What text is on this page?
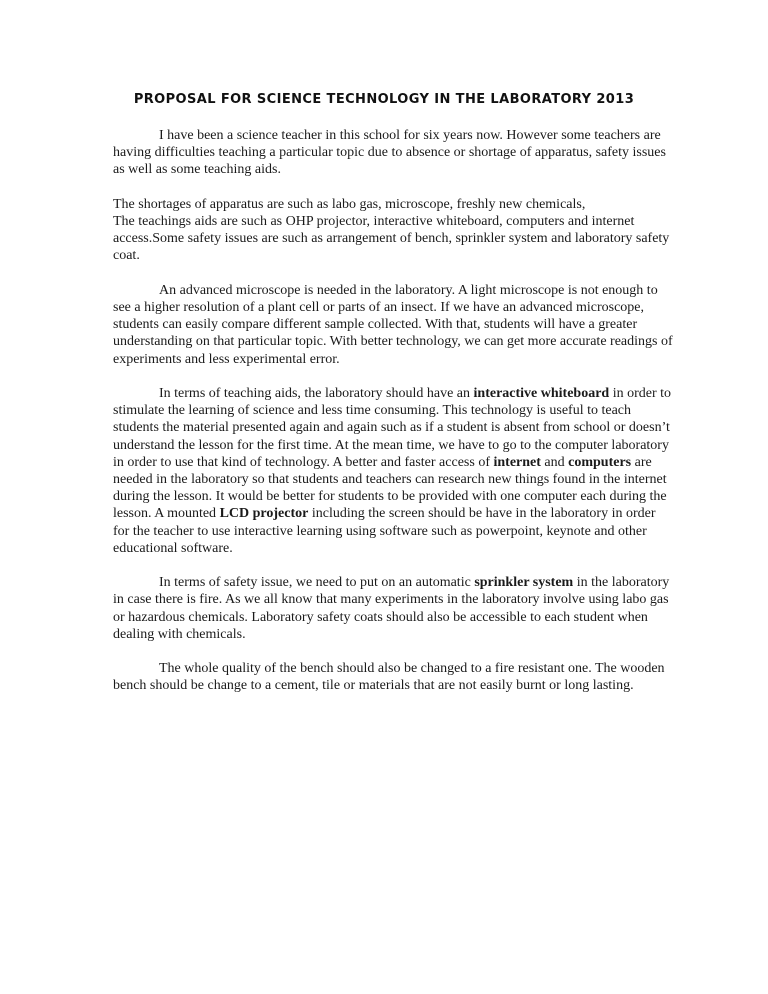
PROPOSAL FOR SCIENCE TECHNOLOGY IN THE LABORATORY 2013

I have been a science teacher in this school for six years now. However some teachers are having difficulties teaching a particular topic due to absence or shortage of apparatus, safety issues as well as some teaching aids.

The shortages of apparatus are such as labo gas, microscope, freshly new chemicals,
The teachings aids are such as OHP projector, interactive whiteboard, computers and internet access.Some safety issues are such as arrangement of bench, sprinkler system and laboratory safety coat.

An advanced microscope is needed in the laboratory. A light microscope is not enough to see a higher resolution of a plant cell or parts of an insect. If we have an advanced microscope, students can easily compare different sample collected. With that, students will have a greater understanding on that particular topic. With better technology, we can get more accurate readings of experiments and less experimental error.

In terms of teaching aids, the laboratory should have an interactive whiteboard in order to stimulate the learning of science and less time consuming. This technology is useful to teach students the material presented again and again such as if a student is absent from school or doesn’t understand the lesson for the first time. At the mean time, we have to go to the computer laboratory in order to use that kind of technology. A better and faster access of internet and computers are needed in the laboratory so that students and teachers can research new things found in the internet during the lesson. It would be better for students to be provided with one computer each during the lesson. A mounted LCD projector including the screen should be have in the laboratory in order for the teacher to use interactive learning using software such as powerpoint, keynote and other educational software.

In terms of safety issue, we need to put on an automatic sprinkler system in the laboratory in case there is fire. As we all know that many experiments in the laboratory involve using labo gas or hazardous chemicals. Laboratory safety coats should also be accessible to each student when dealing with chemicals.

The whole quality of the bench should also be changed to a fire resistant one. The wooden bench should be change to a cement, tile or materials that are not easily burnt or long lasting.
